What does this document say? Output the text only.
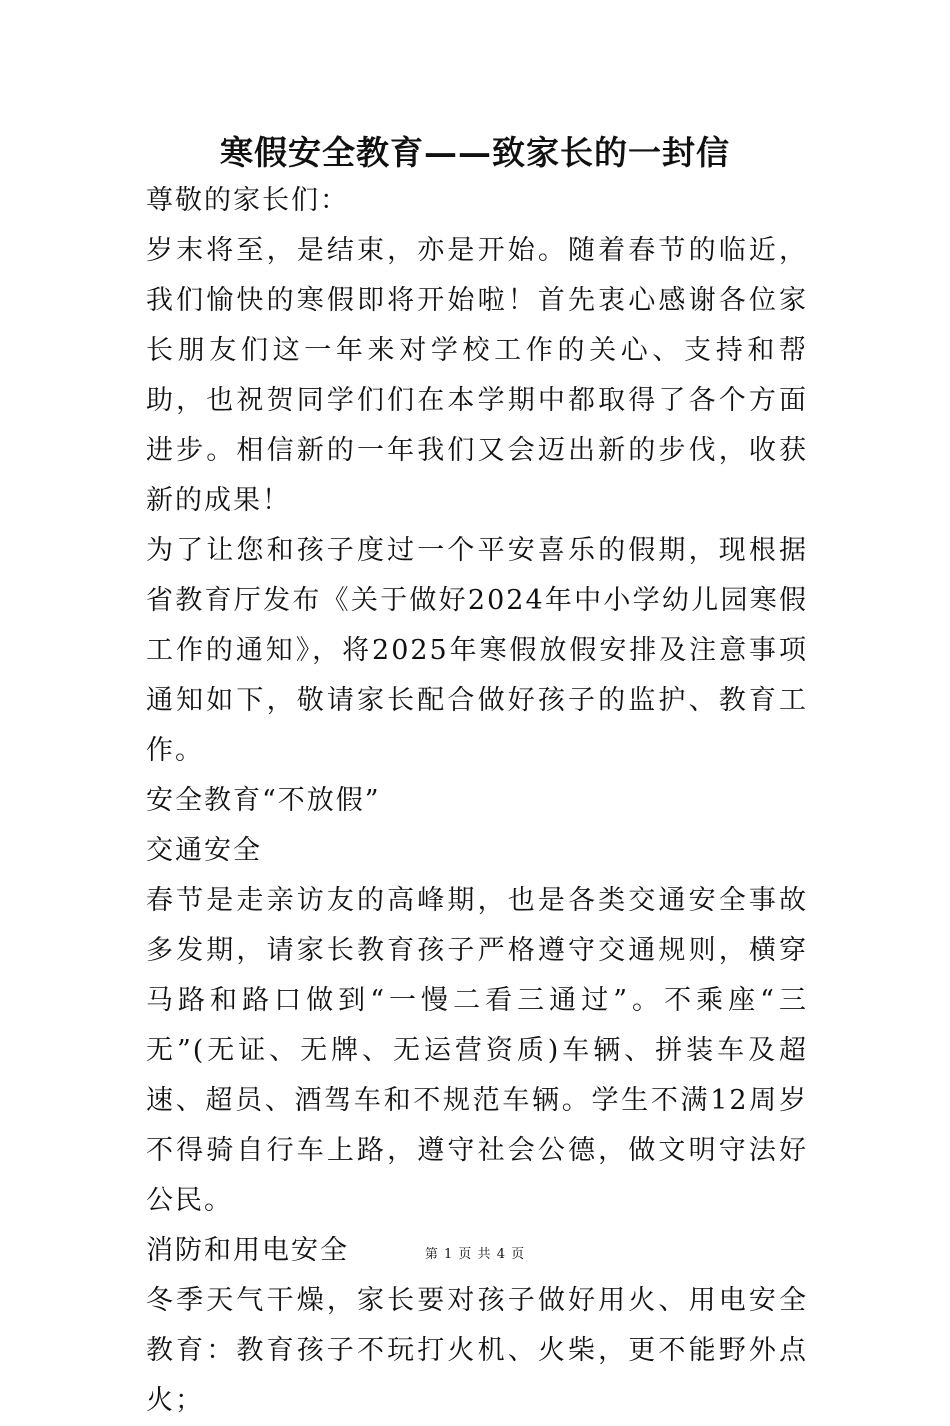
寒假安全教育——致家长的一封信

尊敬的家长们：

岁末将至，是结束，亦是开始。随着春节的临近，我们愉快的寒假即将开始啦！首先衷心感谢各位家长朋友们这一年来对学校工作的关心、支持和帮助，也祝贺同学们们在本学期中都取得了各个方面进步。相信新的一年我们又会迈出新的步伐，收获新的成果！

为了让您和孩子度过一个平安喜乐的假期，现根据省教育厅发布《关于做好2024年中小学幼儿园寒假工作的通知》，将2025年寒假放假安排及注意事项通知如下，敬请家长配合做好孩子的监护、教育工作。

安全教育“不放假”

交通安全

春节是走亲访友的高峰期，也是各类交通安全事故多发期，请家长教育孩子严格遵守交通规则，横穿马路和路口做到“一慢二看三通过”。不乘座“三无”(无证、无牌、无运营资质)车辆、拼装车及超速、超员、酒驾车和不规范车辆。学生不满12周岁不得骑自行车上路，遵守社会公德，做文明守法好公民。

消防和用电安全

冬季天气干燥，家长要对孩子做好用火、用电安全教育：教育孩子不玩打火机、火柴，更不能野外点火；

第 1 页 共 4 页
